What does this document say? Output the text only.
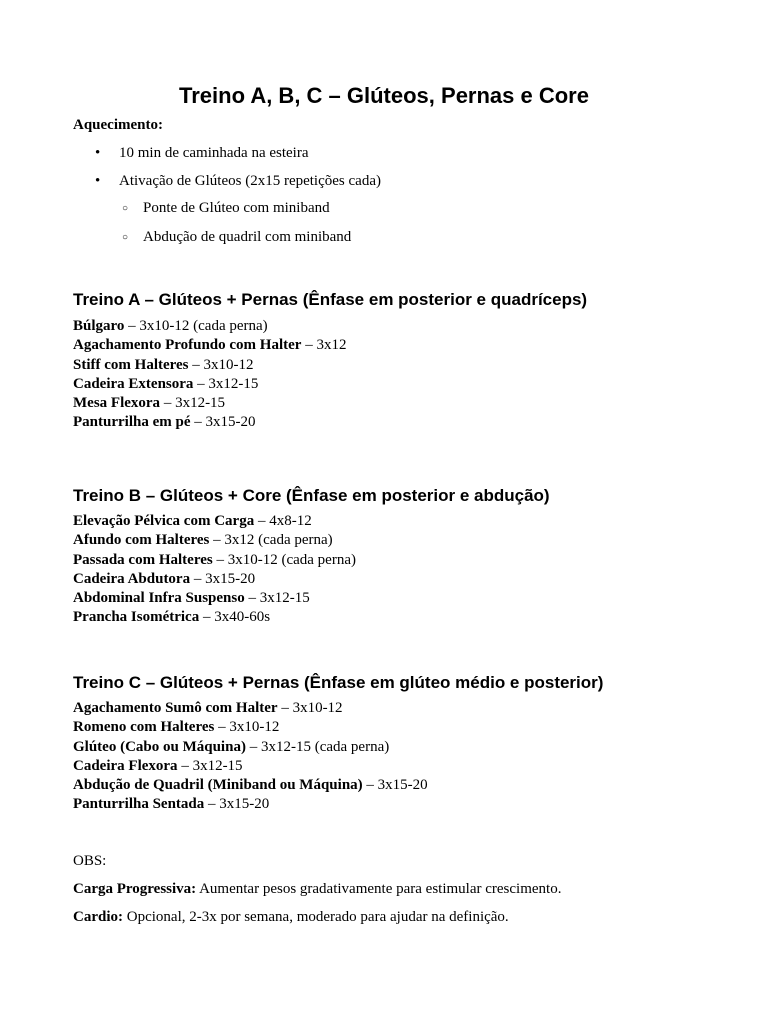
Treino A, B, C – Glúteos, Pernas e Core

Aquecimento:

• 10 min de caminhada na esteira
• Ativação de Glúteos (2x15 repetições cada)
○ Ponte de Glúteo com miniband
○ Abdução de quadril com miniband
Treino A – Glúteos + Pernas (Ênfase em posterior e quadríceps)
Búlgaro – 3x10-12 (cada perna)
Agachamento Profundo com Halter – 3x12
Stiff com Halteres – 3x10-12
Cadeira Extensora – 3x12-15
Mesa Flexora – 3x12-15
Panturrilha em pé – 3x15-20
Treino B – Glúteos + Core (Ênfase em posterior e abdução)
Elevação Pélvica com Carga – 4x8-12
Afundo com Halteres – 3x12 (cada perna)
Passada com Halteres – 3x10-12 (cada perna)
Cadeira Abdutora – 3x15-20
Abdominal Infra Suspenso – 3x12-15
Prancha Isométrica – 3x40-60s
Treino C – Glúteos + Pernas (Ênfase em glúteo médio e posterior)
Agachamento Sumô com Halter – 3x10-12
Romeno com Halteres – 3x10-12
Glúteo (Cabo ou Máquina) – 3x12-15 (cada perna)
Cadeira Flexora – 3x12-15
Abdução de Quadril (Miniband ou Máquina) – 3x15-20
Panturrilha Sentada – 3x15-20

OBS:

Carga Progressiva: Aumentar pesos gradativamente para estimular crescimento.

Cardio: Opcional, 2-3x por semana, moderado para ajudar na definição.
